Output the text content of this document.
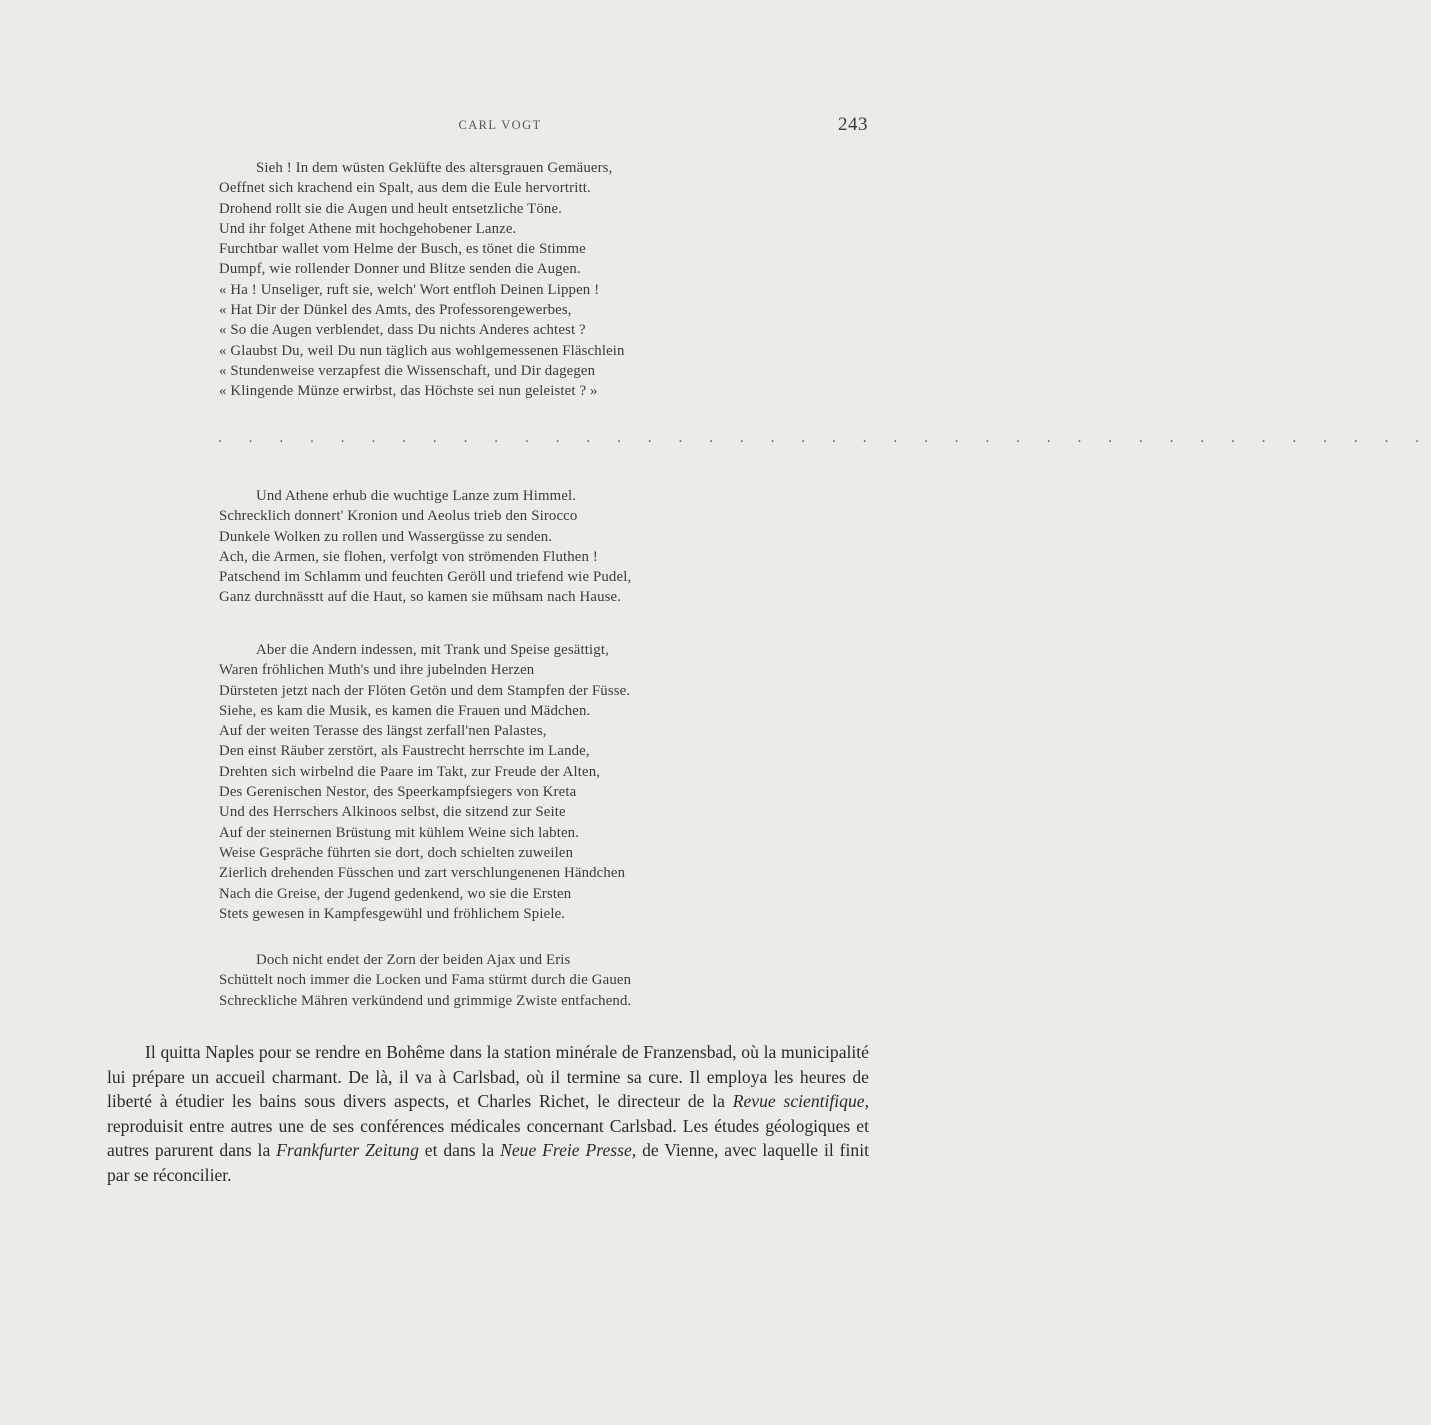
CARL VOGT	243
Sieh ! In dem wüsten Geklüfte des altersgrauen Gemäuers,
Oeffnet sich krachend ein Spalt, aus dem die Eule hervortritt.
Drohend rollt sie die Augen und heult entsetzliche Töne.
Und ihr folget Athene mit hochgehobener Lanze.
Furchtbar wallet vom Helme der Busch, es tönet die Stimme
Dumpf, wie rollender Donner und Blitze senden die Augen.
« Ha ! Unseliger, ruft sie, welch' Wort entfloh Deinen Lippen !
« Hat Dir der Dünkel des Amts, des Professorengewerbes,
« So die Augen verblendet, dass Du nichts Anderes achtest ?
« Glaubst Du, weil Du nun täglich aus wohlgemessenen Fläschlein
« Stundenweise verzapfest die Wissenschaft, und Dir dagegen
« Klingende Münze erwirbst, das Höchste sei nun geleistet ? »
. . . . . . . . . . . . . . . . . . . . . . . . . . . . . . . . . . . . . . . .
Und Athene erhub die wuchtige Lanze zum Himmel.
Schrecklich donnert' Kronion und Aeolus trieb den Sirocco
Dunkele Wolken zu rollen und Wassergüsse zu senden.
Ach, die Armen, sie flohen, verfolgt von strömenden Fluthen !
Patschend im Schlamm und feuchten Geröll und triefend wie Pudel,
Ganz durchnässtt auf die Haut, so kamen sie mühsam nach Hause.
Aber die Andern indessen, mit Trank und Speise gesättigt,
Waren fröhlichen Muth's und ihre jubelnden Herzen
Dürsteten jetzt nach der Flöten Getön und dem Stampfen der Füsse.
Siehe, es kam die Musik, es kamen die Frauen und Mädchen.
Auf der weiten Terasse des längst zerfall'nen Palastes,
Den einst Räuber zerstört, als Faustrecht herrschte im Lande,
Drehten sich wirbelnd die Paare im Takt, zur Freude der Alten,
Des Gerenischen Nestor, des Speerkampfsiegers von Kreta
Und des Herrschers Alkinoos selbst, die sitzend zur Seite
Auf der steinernen Brüstung mit kühlem Weine sich labten.
Weise Gespräche führten sie dort, doch schielten zuweilen
Zierlich drehenden Füsschen und zart verschlungenenen Händchen
Nach die Greise, der Jugend gedenkend, wo sie die Ersten
Stets gewesen in Kampfesgewühl und fröhlichem Spiele.
Doch nicht endet der Zorn der beiden Ajax und Eris
Schüttelt noch immer die Locken und Fama stürmt durch die Gauen
Schreckliche Mähren verkündend und grimmige Zwiste entfachend.

Il quitta Naples pour se rendre en Bohême dans la station minérale de Franzensbad, où la municipalité lui prépare un accueil charmant. De là, il va à Carlsbad, où il termine sa cure. Il employa les heures de liberté à étudier les bains sous divers aspects, et Charles Richet, le directeur de la Revue scientifique, reproduisit entre autres une de ses conférences médicales concernant Carlsbad. Les études géologiques et autres parurent dans la Frankfurter Zeitung et dans la Neue Freie Presse, de Vienne, avec laquelle il finit par se réconcilier.
